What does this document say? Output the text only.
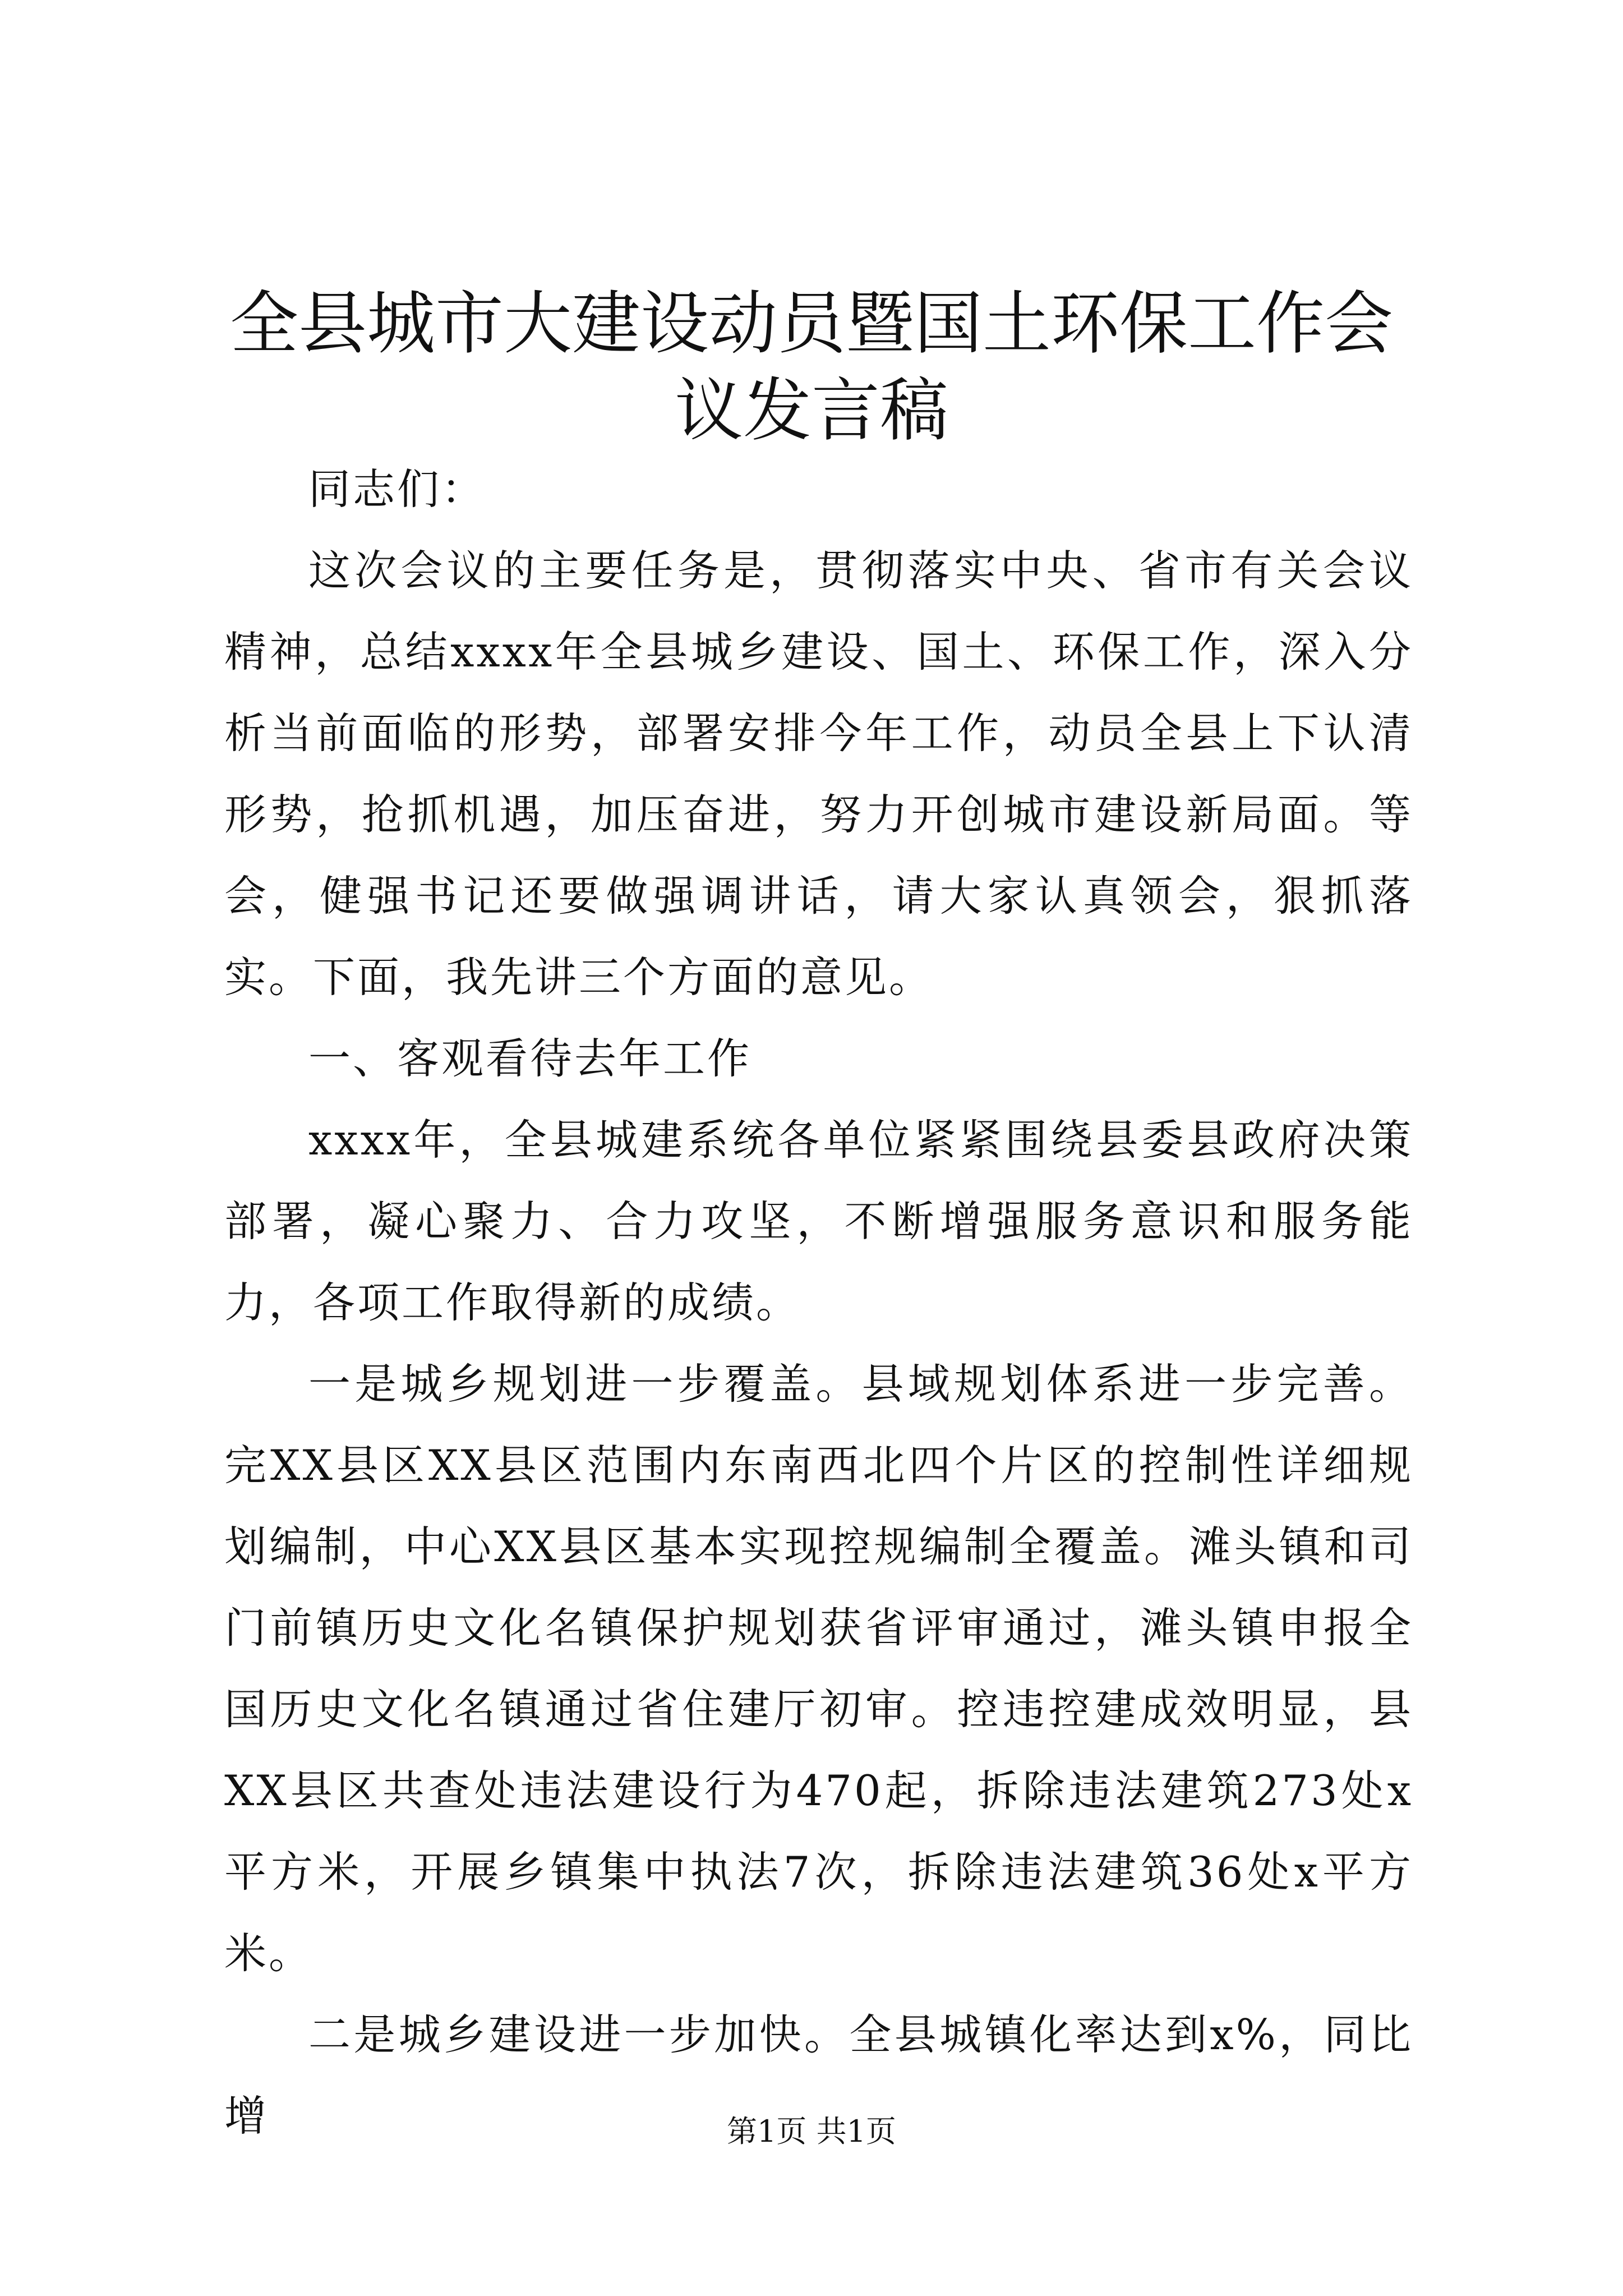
全县城市大建设动员暨国土环保工作会议发言稿

同志们：

这次会议的主要任务是，贯彻落实中央、省市有关会议精神，总结xxxx年全县城乡建设、国土、环保工作，深入分析当前面临的形势，部署安排今年工作，动员全县上下认清形势，抢抓机遇，加压奋进，努力开创城市建设新局面。等会，健强书记还要做强调讲话，请大家认真领会，狠抓落实。下面，我先讲三个方面的意见。

一、客观看待去年工作

xxxx年，全县城建系统各单位紧紧围绕县委县政府决策部署，凝心聚力、合力攻坚，不断增强服务意识和服务能力，各项工作取得新的成绩。

一是城乡规划进一步覆盖。县域规划体系进一步完善。完XX县区XX县区范围内东南西北四个片区的控制性详细规划编制，中心XX县区基本实现控规编制全覆盖。滩头镇和司门前镇历史文化名镇保护规划获省评审通过，滩头镇申报全国历史文化名镇通过省住建厅初审。控违控建成效明显，县XX县区共查处违法建设行为470起，拆除违法建筑273处x平方米，开展乡镇集中执法7次，拆除违法建筑36处x平方米。

二是城乡建设进一步加快。全县城镇化率达到x%，同比增	第1页 共1页
